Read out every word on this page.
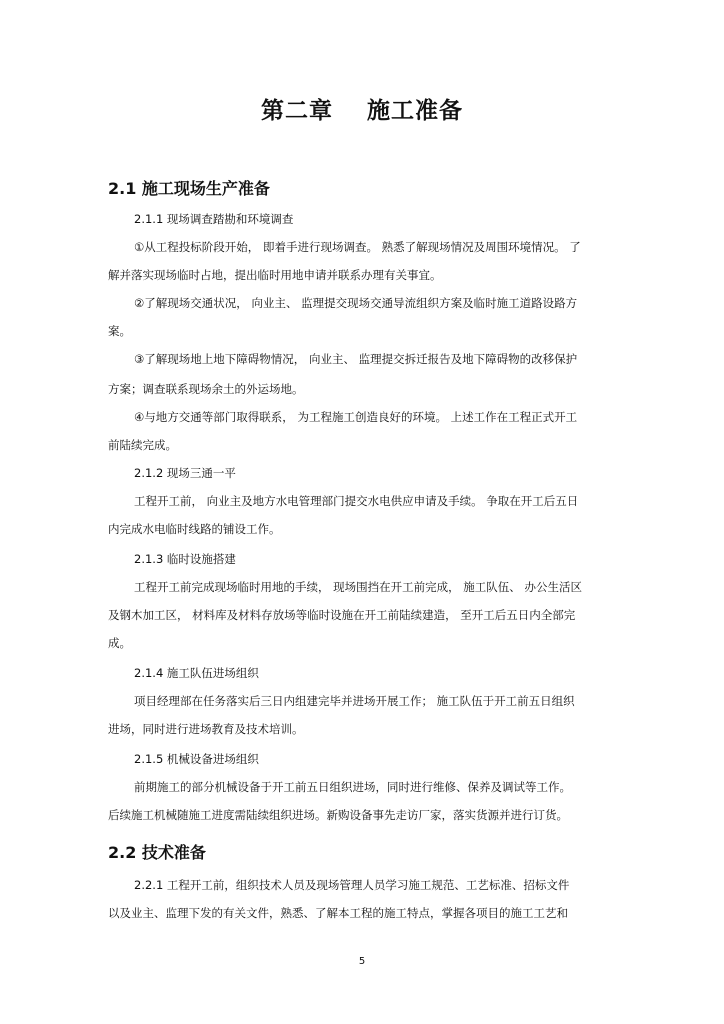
第二章 施工准备
2.1 施工现场生产准备
2.1.1 现场调查踏勘和环境调查
①从工程投标阶段开始， 即着手进行现场调查。 熟悉了解现场情况及周围环境情况。 了
解并落实现场临时占地，提出临时用地申请并联系办理有关事宜。
②了解现场交通状况， 向业主、 监理提交现场交通导流组织方案及临时施工道路设路方
案。
③了解现场地上地下障碍物情况， 向业主、 监理提交拆迁报告及地下障碍物的改移保护
方案；调查联系现场余土的外运场地。
④与地方交通等部门取得联系， 为工程施工创造良好的环境。 上述工作在工程正式开工
前陆续完成。
2.1.2 现场三通一平
工程开工前， 向业主及地方水电管理部门提交水电供应申请及手续。 争取在开工后五日
内完成水电临时线路的铺设工作。
2.1.3 临时设施搭建
工程开工前完成现场临时用地的手续， 现场围挡在开工前完成， 施工队伍、 办公生活区
及钢木加工区， 材料库及材料存放场等临时设施在开工前陆续建造， 至开工后五日内全部完
成。
2.1.4 施工队伍进场组织
项目经理部在任务落实后三日内组建完毕并进场开展工作； 施工队伍于开工前五日组织
进场，同时进行进场教育及技术培训。
2.1.5 机械设备进场组织
前期施工的部分机械设备于开工前五日组织进场，同时进行维修、保养及调试等工作。
后续施工机械随施工进度需陆续组织进场。新购设备事先走访厂家，落实货源并进行订货。
2.2 技术准备
2.2.1 工程开工前，组织技术人员及现场管理人员学习施工规范、工艺标准、招标文件
以及业主、监理下发的有关文件，熟悉、了解本工程的施工特点，掌握各项目的施工工艺和
5
